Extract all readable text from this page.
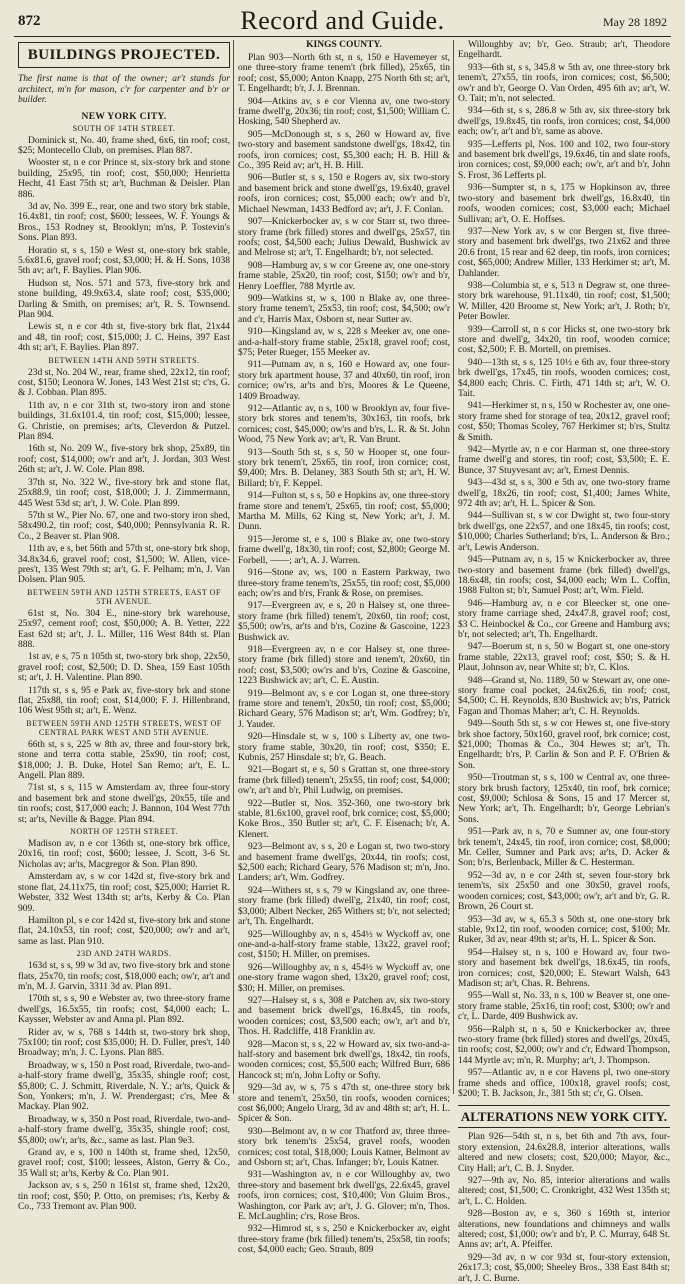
872	Record and Guide.	May 28 1892
BUILDINGS PROJECTED.

The first name is that of the owner; ar't stands for architect, m'n for mason, c'r for carpenter and b'r or builder.

NEW YORK CITY.
SOUTH OF 14TH STREET.

Dominick st, No. 40, frame shed, 6x6, tin roof; cost, $25; Montecello Club, on premises. Plan 887.

Wooster st, n e cor Prince st, six-story brk and stone building, 25x95, tin roof; cost, $50,000; Henrietta Hecht, 41 East 75th st; ar't, Buchman & Deisler. Plan 886.

3d av, No. 399 E., rear, one and two story brk stable, 16.4x81, tin roof; cost, $600; lessees, W. F. Youngs & Bros., 153 Rodney st, Brooklyn; m'ns, P. Tostevin's Sons. Plan 893.

Horatio st, s s, 150 e West st, one-story brk stable, 5.6x81.6, gravel roof; cost, $3,000; H. & H. Sons, 1038 5th av; ar't, F. Baylies. Plan 906.

Hudson st, Nos. 571 and 573, five-story brk and stone building, 49.9x63.4, slate roof; cost, $35,000; Darling & Smith, on premises; ar't, R. S. Townsend. Plan 904.

Lewis st, n e cor 4th st, five-story brk flat, 21x44 and 48, tin roof; cost, $15,000; J. C. Heins, 397 East 4th st; ar't, F. Baylies. Plan 897.

BETWEEN 14TH AND 59TH STREETS.

23d st, No. 204 W., rear, frame shed, 22x12, tin roof; cost, $150; Leonora W. Jones, 143 West 21st st; c'rs, G. & J. Cobban. Plan 895.

11th av, n e cor 31th st, two-story iron and stone buildings, 31.6x101.4, tin roof; cost, $15,000; lessee, G. Christie, on premises; ar'ts, Cleverdon & Putzel. Plan 894.

16th st, No. 209 W., five-story brk shop, 25x89, tin roof; cost, $14,000; ow'r and ar't, J. Jordan, 303 West 26th st; ar't, J. W. Cole. Plan 898.

37th st, No. 322 W., five-story brk and stone flat, 25x88.9, tin roof; cost, $18,000; J. J. Zimmermann, 445 West 53d st; ar't, J. W. Cole. Plan 899.

57th st W., Pier No. 67, one and two-story iron shed, 58x490.2, tin roof; cost, $40,000; Pennsylvania R. R. Co., 2 Beaver st. Plan 908.

11th av, e s, bet 56th and 57th st, one-story brk shop, 34.8x34.6, gravel roof; cost, $1,500; W. Allen, vice-pres't, 135 West 79th st; ar't, G. F. Pelham; m'n, J. Van Dolsen. Plan 905.

BETWEEN 59TH AND 125TH STREETS, EAST OF 5TH AVENUE.

61st st, No. 304 E., nine-story brk warehouse, 25x97, cement roof; cost, $50,000; A. B. Yetter, 222 East 62d st; ar't, J. L. Miller, 116 West 84th st. Plan 888.

1st av, e s, 75 n 105th st, two-story brk shop, 22x50, gravel roof; cost, $2,500; D. D. Shea, 159 East 105th st; ar't, J. H. Valentine. Plan 890.

117th st, s s, 95 e Park av, five-story brk and stone flat, 25x88, tin roof; cost, $14,000; F. J. Hillenbrand, 106 West 95th st; ar't, E. Wenz.

BETWEEN 59TH AND 125TH STREETS, WEST OF CENTRAL PARK WEST AND 5TH AVENUE.

66th st, s s, 225 w 8th av, three and four-story brk, stone and terra cotta stable, 25x90, tin roof; cost, $18,000; J. B. Duke, Hotel San Remo; ar't, E. L. Angell. Plan 889.

71st st, s s, 115 w Amsterdam av, three four-story and basement brk and stone dwell'gs, 20x55, tile and tin roofs; cost, $17,000 each; J. Bannon, 104 West 77th st; ar'ts, Neville & Bagge. Plan 894.

NORTH OF 125TH STREET.

Madison av, n e cor 136th st, one-story brk office, 20x16, tin roof; cost, $600; lessee, J. Scott, 3-6 St. Nicholas av; ar'ts, Macgregor & Son. Plan 890.

Amsterdam av, s w cor 142d st, five-story brk and stone flat, 24.11x75, tin roof; cost, $25,000; Harriet R. Webster, 332 West 134th st; ar'ts, Kerby & Co. Plan 909.

Hamilton pl, s e cor 142d st, five-story brk and stone flat, 24.10x53, tin roof; cost, $20,000; ow'r and ar't, same as last. Plan 910.

23D AND 24TH WARDS.

163d st, s s, 99 w 3d av, two five-story brk and stone flats, 25x70, tin roofs; cost, $18,000 each; ow'r, ar't and m'n, M. J. Garvin, 3311 3d av. Plan 891.

170th st, s s, 90 e Webster av, two three-story frame dwell'gs, 16.5x55, tin roofs; cost, $4,000 each; L. Kaysser, Webster av and Anna pl. Plan 892.

Rider av, w s, 768 s 144th st, two-story brk shop, 75x100; tin roof; cost $35,000; H. D. Fuller, pres't, 140 Broadway; m'n, J. C. Lyons. Plan 885.

Broadway, w s, 150 n Post road, Riverdale, two-and-a-half-story frame dwell'g, 35x35, shingle roof; cost, $5,800; C. J. Schmitt, Riverdale, N. Y.; ar'ts, Quick & Son, Yonkers; m'n, J. W. Prendergast; c'rs, Mee & Mackay. Plan 902.

Broadway, w s, 350 n Post road, Riverdale, two-and-a-half-story frame dwell'g, 35x35, shingle roof; cost, $5,800; ow'r, ar'ts, &c., same as last. Plan 9e3.

Grand av, e s, 100 n 140th st, frame shed, 12x50, gravel roof; cost, $100; lessees, Alston, Gerry & Co., 35 Wall st; ar'ts, Kerby & Co. Plan 901.

Jackson av, s s, 250 n 161st st, frame shed, 12x20, tin roof; cost, $50; P. Otto, on premises; r'ts, Kerby & Co., 733 Tremont av. Plan 900.

KINGS COUNTY.

Plan 903—North 6th st, n s, 150 e Havemeyer st, one three-story frame tenem't (brk filled), 25x65, tin roof; cost, $5,000; Anton Knapp, 275 North 6th st; ar't, T. Engelhardt; b'r, J. J. Brennan.

904—Atkins av, s e cor Vienna av, one two-story frame dwell'g, 20x36; tin roof; cost, $1,500; William C. Hosking, 540 Shepherd av.

905—McDonough st, s s, 260 w Howard av, five two-story and basement sandstone dwell'gs, 18x42, tin roofs, iron cornices; cost, $5,300 each; H. B. Hill & Co., 395 Reid av; ar't, H. B. Hill.

906—Butler st, s s, 150 e Rogers av, six two-story and basement brick and stone dwell'gs, 19.6x40, gravel roofs, iron cornices; cost, $5,000 each; ow'r and b'r, Michael Newman, 1433 Bedford av; ar't, J. F. Conlan.

907—Knickerbocker av, s w cor Starr st, two three-story frame (brk filled) stores and dwell'gs, 25x57, tin roofs; cost, $4,500 each; Julius Dewald, Bushwick av and Melrose st; ar't, T. Engelhardt; b'r, not selected.

908—Hamburg av, s w cor Greene av, one one-story frame stable, 25x20, tin roof; cost, $150; ow'r and b'r, Henry Loeffler, 788 Myrtle av.

909—Watkins st, w s, 100 n Blake av, one three-story frame tenem't, 25x53, tin roof; cost, $4,500; ow'r and c'r, Harris Max, Osborn st, near Sutter av.

910—Kingsland av, w s, 228 s Meeker av, one one-and-a-half-story frame stable, 25x18, gravel roof; cost, $75; Peter Rueger, 155 Meeker av.

911—Putnam av, n s, 160 e Howard av, one four-story brk apartment house, 37 and 40x60, tin roof, iron cornice; ow'rs, ar'ts and b'rs, Moores & Le Queene, 1409 Broadway.

912—Atlantic av, n s, 100 w Brooklyn av, four five-story brk stores and tenem'ts, 30x163, tin roofs, brk cornices; cost, $45,000; ow'rs and b'rs, L. R. & St. John Wood, 75 New York av; ar't, R. Van Brunt.

913—South 5th st, s s, 50 w Hooper st, one four-story brk tenem't, 25x65, tin roof, iron cornice; cost, $9,400; Mrs. B. Delaney, 383 South 5th st; ar't, H. W. Billard; b'r, F. Keppel.

914—Fulton st, s s, 50 e Hopkins av, one three-story frame store and tenem't, 25x65, tin roof; cost, $5,000; Martha M. Mills, 62 King st, New York; ar't, J. M. Dunn.

915—Jerome st, e s, 100 s Blake av, one two-story frame dwell'g, 18x30, tin roof; cost, $2,800; George M. Forbell, ——; ar't, A. J. Warren.

916—Stone av, ws, 100 n Eastern Parkway, two three-story frame tenem'ts, 25x55, tin roof; cost, $5,000 each; ow'rs and b'rs, Frank & Rose, on premises.

917—Evergreen av, e s, 20 n Halsey st, one three-story frame (brk filled) tenem't, 20x60, tin roof; cost, $5,500; ow'rs, ar'ts and b'rs, Cozine & Gascoine, 1223 Bushwick av.

918—Evergreen av, n e cor Halsey st, one three-story frame (brk filled) store and tenem't, 20x60, tin roof; cost, $3,500; ow'rs and b'rs, Cozine & Gascoine, 1223 Bushwick av; ar't, C. E. Austin.

919—Belmont av, s e cor Logan st, one three-story frame store and tenem't, 20x50, tin roof; cost, $5,000; Richard Geary, 576 Madison st; ar't, Wm. Godfrey; b'r, J. Yauder.

920—Hinsdale st, w s, 100 s Liberty av, one two-story frame stable, 30x20, tin roof; cost, $350; E. Kubnis, 257 Hinsdale st; b'r, G. Beach.

921—Bogart st, e s, 50 s Grattan st, one three-story frame (brk filled) tenem't, 25x55, tin roof; cost, $4,000; ow'r, ar't and b'r, Phil Ludwig, on premises.

922—Butler st, Nos. 352-360, one two-story brk stable, 81.6x100, gravel roof, brk cornice; cost, $5,000; Koke Bros., 350 Butler st; ar't, C. F. Eisenach; b'r, A. Klenert.

923—Belmont av, s s, 20 e Logan st, two two-story and basement frame dwell'gs, 20x44, tin roofs; cost, $2,500 each; Richard Geary, 576 Madison st; m'n, Jno. Landers; ar't, Wm. Godfrey.

924—Withers st, s s, 79 w Kingsland av, one three-story frame (brk filled) dwell'g, 21x40, tin roof; cost, $3,000; Albert Necker, 265 Withers st; b'r, not selected; ar't, Th. Engelhardt.

925—Willoughby av, n s, 454½ w Wyckoff av, one one-and-a-half-story frame stable, 13x22, gravel roof; cost, $150; H. Miller, on premises.

926—Willoughby av, n s, 454½ w Wyckoff av, one one-story frame wagon shed, 13x20, gravel roof; cost, $30; H. Miller, on premises.

927—Halsey st, s s, 308 e Patchen av, six two-story and basement brick dwell'gs, 16.8x45, tin roofs, wooden cornices; cost, $3,500 each; ow'r, ar't and b'r, Thos. H. Radcliffe, 418 Franklin av.

928—Macon st, s s, 22 w Howard av, six two-and-a-half-story and basement brk dwell'gs, 18x42, tin roofs, wooden cornices; cost, $5,500 each; Wilfred Burr, 686 Hancock st; m'n, John Lofty or Softy.

929—3d av, w s, 75 s 47th st, one-three story brk store and tenem't, 25x50, tin roofs, wooden cornices; cost $6,000; Angelo Urarg, 3d av and 48th st; ar't, H. L. Spicer & Son.

930—Belmont av, n w cor Thatford av, three three-story brk tenem'ts 25x54, gravel roofs, wooden cornices; cost total, $18,000; Louis Katner, Belmont av and Osborn st; ar't, Chas. Infanger; b'r, Louis Katner.

931—Washington av, n e cor Willoughby av, two three-story and basement brk dwell'gs, 22.6x45, gravel roofs, iron cornices; cost, $10,400; Von Gluim Bros., Washington, cor Park av; ar't, J. G. Glover; m'n, Thos. E. McLaughlin; c'rs, Rose Bros.

932—Himrod st, s s, 250 e Knickerbocker av, eight three-story frame (brk filled) tenem'ts, 25x58, tin roofs; cost, $4,000 each; Geo. Straub, 809

Willoughby av; b'r, Geo. Straub; ar't, Theodore Engelhardt.

933—6th st, s s, 345.8 w 5th av, one three-story brk tenem't, 27x55, tin roofs, iron cornices; cost, $6,500; ow'r and b'r, George O. Van Orden, 495 6th av; ar't, W. O. Tait; m'n, not selected.

934—6th st, s s, 286.8 w 5th av, six three-story brk dwell'gs, 19.8x45, tin roofs, iron cornices; cost, $4,000 each; ow'r, ar't and b'r, same as above.

935—Lefferts pl, Nos. 100 and 102, two four-story and basement brk dwell'gs, 19.6x46, tin and slate roofs, iron cornices; cost, $9,000 each; ow'r, ar't and b'r, John S. Frost, 36 Lefferts pl.

936—Sumpter st, n s, 175 w Hopkinson av, three two-story and basement brk dwell'gs, 16.8x40, tin roofs, wooden cornices; cost, $3,000 each; Michael Sullivan; ar't, O. E. Hoffses.

937—New York av, s w cor Bergen st, five three-story and basement brk dwell'gs, two 21x62 and three 20.6 front, 15 rear and 62 deep, tin roofs, iron cornices; cost, $65,000; Andrew Miller, 133 Herkimer st; ar't, M. Dahlander.

938—Columbia st, e s, 513 n Degraw st, one three-story brk warehouse, 91.11x40, tin roof; cost, $1,500; W. Miller, 420 Broome st, New York; ar't, J. Roth; b'r, Peter Bowler.

939—Carroll st, n s cor Hicks st, one two-story brk store and dwell'g, 34x20, tin roof, wooden cornice; cost, $2,500; F. B. Mortell, on premises.

940—13th st, s s, 125 10½ e 6th av, four three-story brk dwell'gs, 17x45, tin roofs, wooden cornices; cost, $4,800 each; Chris. C. Firth, 471 14th st; ar't, W. O. Tait.

941—Herkimer st, n s, 150 w Rochester av, one one-story frame shed for storage of tea, 20x12, gravel roof; cost, $50; Thomas Scoley, 767 Herkimer st; b'rs, Stultz & Smith.

942—Myrtle av, n e cor Harman st, one three-story frame dwell'g and stores, tin roof; cost, $3,500; E. E. Bunce, 37 Stuyvesant av; ar't, Ernest Dennis.

943—43d st, s s, 300 e 5th av, one two-story frame dwell'g, 18x26, tin roof; cost, $1,400; James White, 972 4th av; ar't, H. L. Spicer & Son.

944—Sullivan st, s w cor Dwight st, two four-story brk dwell'gs, one 22x57, and one 18x45, tin roofs; cost, $10,000; Charles Sutherland; b'rs, L. Anderson & Bro.; ar't, Lewis Anderson.

945—Putnam av, n s, 15 w Knickerbocker av, three two-story and basement frame (brk filled) dwell'gs, 18.6x48, tin roofs; cost, $4,000 each; Wm L. Coffin, 1988 Fulton st; b'r, Samuel Post; ar't, Wm. Field.

946—Hamburg av, n e cor Bleecker st, one one-story frame carriage shed, 24x47.8, gravel roof; cost, $3 C. Heinbockel & Co., cor Greene and Hamburg avs; b'r, not selected; ar't, Th. Engelhardt.

947—Boerum st, n s, 50 w Bogart st, one one-story frame stable, 22x13, gravel roof; cost, $50; S. & H. Plaut, Johnson av, near White st; b'r, C. Klos.

948—Grand st, No. 1189, 50 w Stewart av, one one-story frame coal pocket, 24.6x26.6, tin roof; cost, $4,500; C. H. Reynolds, 830 Bushwick av; b'rs, Patrick Fagan and Thomas Maher; ar't, C. H. Reynolds.

949—South 5th st, s w cor Hewes st, one five-story brk shoe factory, 50x160, gravel roof, brk cornice; cost, $21,000; Thomas & Co., 304 Hewes st; ar't, Th. Engelhardt; b'rs, P. Carlin & Son and P. F. O'Brien & Son.

950—Troutman st, s s, 100 w Central av, one three-story brk brush factory, 125x40, tin roof, brk cornice; cost, $9,000; Schlosa & Sons, 15 and 17 Mercer st, New York; ar't, Th. Engelhardt; b'r, George Lebrian's Sons.

951—Park av, n s, 70 e Sumner av, one four-story brk tenem't, 24x45, tin roof, iron cornice; cost, $8,000; Mr. Celler, Sumner and Park avs; ar'ts, D. Acker & Son; b'rs, Berlenback, Miller & C. Hesterman.

952—3d av, n e cor 24th st, seven four-story brk tenem'ts, six 25x50 and one 30x50, gravel roofs, wooden cornices; cost, $43,000; ow'r, ar't and b'r, G. R. Brown, 26 Court st.

953—3d av, w s, 65.3 s 50th st, one one-story brk stable, 9x12, tin roof, wooden cornice; cost, $100; Mr. Ruker, 3d av, near 49th st; ar'ts, H. L. Spicer & Son.

954—Halsey st, n s, 100 e Howard av, four two-story and basement brk dwell'gs, 18.6x45, tin roofs, iron cornices; cost, $20,000; E. Stewart Walsh, 643 Madison st; ar't, Chas. R. Behrens.

955—Wall st, No. 33, n s, 100 w Beaver st, one one-story frame stable, 25x16, tin roof; cost, $300; ow'r and c'r, L. Darde, 409 Bushwick av.

956—Ralph st, n s, 50 e Knickerbocker av, three two-story frame (brk filled) stores and dwell'gs, 20x45, tin roofs; cost, $2,000; ow'r and c'r, Edward Thompson, 144 Myrtle av; m'n, R. Murphy; ar't, J. Thompson.

957—Atlantic av, n e cor Havens pl, two one-story frame sheds and office, 100x18, gravel roofs; cost, $200; T. B. Jackson, Jr., 381 5th st; c'r, G. Olsen.

ALTERATIONS NEW YORK CITY.

Plan 926—54th st, n s, bet 6th and 7th avs, four-story extension, 24.6x28.8, interior alterations, walls altered and new closets; cost, $20,000; Mayor, &c., City Hall; ar't, C. B. J. Snyder.

927—9th av, No. 85, interior alterations and walls altered; cost, $1,500; C. Cronkright, 432 West 135th st; ar't, L. C. Holden.

928—Boston av, e s, 360 s 169th st, interior alterations, new foundations and chimneys and walls altered; cost, $1,000; ow'r and b'r, P. C. Murray, 648 St. Anns av; ar't, A. Pfeiffer.

929—3d av, n w cor 93d st, four-story extension, 26x17.3; cost, $5,000; Sheeley Bros., 338 East 84th st; ar't, J. C. Burne.
